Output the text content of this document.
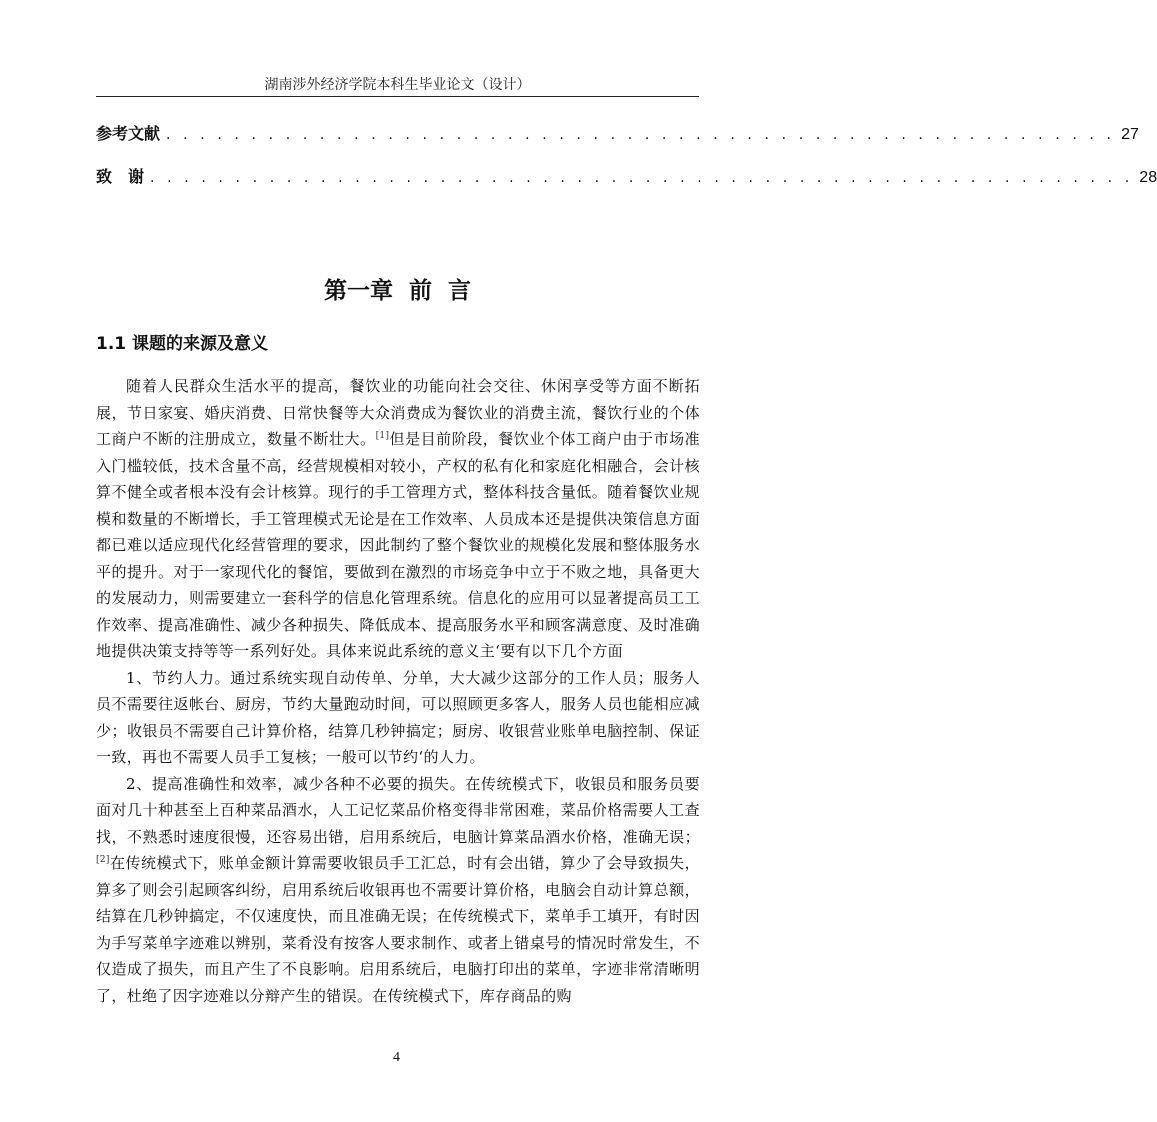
湖南涉外经济学院本科生毕业论文（设计）
参考文献 . . . . . . . . . . . . . . . . . . . . . . . . . . . . . . . . . . . . . . . . . . . . . . . . . . . . . . . . 27
致　谢 . . . . . . . . . . . . . . . . . . . . . . . . . . . . . . . . . . . . . . . . . . . . . . . . . . . . . . . . . . 28
第一章  前  言
1.1 课题的来源及意义

随着人民群众生活水平的提高，餐饮业的功能向社会交往、休闲享受等方面不断拓展，节日家宴、婚庆消费、日常快餐等大众消费成为餐饮业的消费主流，餐饮行业的个体工商户不断的注册成立，数量不断壮大。[1]但是目前阶段，餐饮业个体工商户由于市场准入门槛较低，技术含量不高，经营规模相对较小，产权的私有化和家庭化相融合，会计核算不健全或者根本没有会计核算。现行的手工管理方式，整体科技含量低。随着餐饮业规模和数量的不断增长，手工管理模式无论是在工作效率、人员成本还是提供决策信息方面都已难以适应现代化经营管理的要求，因此制约了整个餐饮业的规模化发展和整体服务水平的提升。对于一家现代化的餐馆，要做到在激烈的市场竞争中立于不败之地，具备更大的发展动力，则需要建立一套科学的信息化管理系统。信息化的应用可以显著提高员工工作效率、提高准确性、减少各种损失、降低成本、提高服务水平和顾客满意度、及时准确地提供决策支持等等一系列好处。具体来说此系统的意义主‘要有以下几个方面

1、节约人力。通过系统实现自动传单、分单，大大减少这部分的工作人员；服务人员不需要往返帐台、厨房，节约大量跑动时间，可以照顾更多客人，服务人员也能相应减少；收银员不需要自己计算价格，结算几秒钟搞定；厨房、收银营业账单电脑控制、保证一致，再也不需要人员手工复核；一般可以节约‘的人力。

2、提高准确性和效率，减少各种不必要的损失。在传统模式下，收银员和服务员要面对几十种甚至上百种菜品酒水，人工记忆菜品价格变得非常困难，菜品价格需要人工查找，不熟悉时速度很慢，还容易出错，启用系统后，电脑计算菜品酒水价格，准确无误；[2]在传统模式下，账单金额计算需要收银员手工汇总，时有会出错，算少了会导致损失，算多了则会引起顾客纠纷，启用系统后收银再也不需要计算价格，电脑会自动计算总额，结算在几秒钟搞定，不仅速度快，而且准确无误；在传统模式下，菜单手工填开，有时因为手写菜单字迹难以辨别，菜肴没有按客人要求制作、或者上错桌号的情况时常发生，不仅造成了损失，而且产生了不良影响。启用系统后，电脑打印出的菜单，字迹非常清晰明了，杜绝了因字迹难以分辩产生的错误。在传统模式下，库存商品的购

4
